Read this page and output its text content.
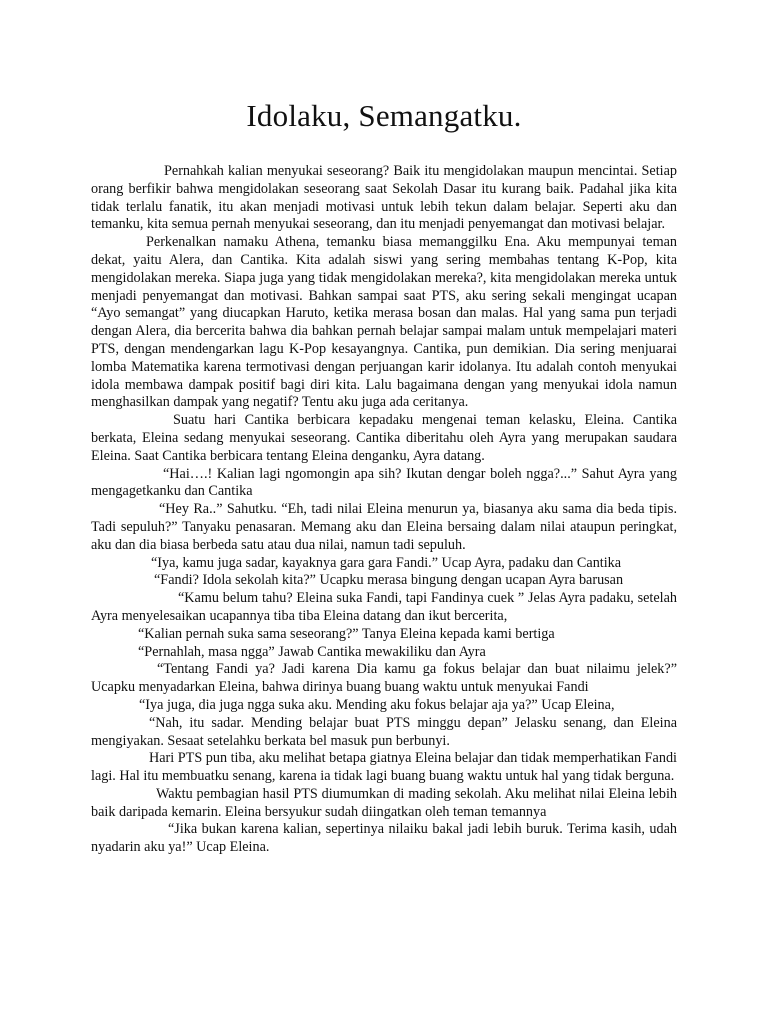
Idolaku, Semangatku.

Pernahkah kalian menyukai seseorang? Baik itu mengidolakan maupun mencintai. Setiap orang berfikir bahwa mengidolakan seseorang saat Sekolah Dasar itu kurang baik. Padahal jika kita tidak terlalu fanatik, itu akan menjadi motivasi untuk lebih tekun dalam belajar. Seperti aku dan temanku, kita semua pernah menyukai seseorang, dan itu menjadi penyemangat dan motivasi belajar.

Perkenalkan namaku Athena, temanku biasa memanggilku Ena. Aku mempunyai teman dekat, yaitu Alera, dan Cantika. Kita adalah siswi yang sering membahas tentang K-Pop, kita mengidolakan mereka. Siapa juga yang tidak mengidolakan mereka?, kita mengidolakan mereka untuk menjadi penyemangat dan motivasi. Bahkan sampai saat PTS, aku sering sekali mengingat ucapan “Ayo semangat” yang diucapkan Haruto, ketika merasa bosan dan malas. Hal yang sama pun terjadi dengan Alera, dia bercerita bahwa dia bahkan pernah belajar sampai malam untuk mempelajari materi PTS, dengan mendengarkan lagu K-Pop kesayangnya. Cantika, pun demikian. Dia sering menjuarai lomba Matematika karena termotivasi dengan perjuangan karir idolanya. Itu adalah contoh menyukai idola membawa dampak positif bagi diri kita. Lalu bagaimana dengan yang menyukai idola namun menghasilkan dampak yang negatif? Tentu aku juga ada ceritanya.

Suatu hari Cantika berbicara kepadaku mengenai teman kelasku, Eleina. Cantika berkata, Eleina sedang menyukai seseorang. Cantika diberitahu oleh Ayra yang merupakan saudara Eleina. Saat Cantika berbicara tentang Eleina denganku, Ayra datang.

“Hai….! Kalian lagi ngomongin apa sih? Ikutan dengar boleh ngga?...” Sahut Ayra yang mengagetkanku dan Cantika

“Hey Ra..” Sahutku. “Eh, tadi nilai Eleina menurun ya, biasanya aku sama dia beda tipis. Tadi sepuluh?” Tanyaku penasaran. Memang aku dan Eleina bersaing dalam nilai ataupun peringkat, aku dan dia biasa berbeda satu atau dua nilai, namun tadi sepuluh.

“Iya, kamu juga sadar, kayaknya gara gara Fandi.” Ucap Ayra, padaku dan Cantika

“Fandi? Idola sekolah kita?” Ucapku merasa bingung dengan ucapan Ayra barusan

“Kamu belum tahu? Eleina suka Fandi, tapi Fandinya cuek ” Jelas Ayra padaku, setelah Ayra menyelesaikan ucapannya tiba tiba Eleina datang dan ikut bercerita,

“Kalian pernah suka sama seseorang?” Tanya Eleina kepada kami bertiga

“Pernahlah, masa ngga” Jawab Cantika mewakiliku dan Ayra

“Tentang Fandi ya? Jadi karena Dia kamu ga fokus belajar dan buat nilaimu jelek?” Ucapku menyadarkan Eleina, bahwa dirinya buang buang waktu untuk menyukai Fandi

“Iya juga, dia juga ngga suka aku. Mending aku fokus belajar aja ya?” Ucap Eleina,

“Nah, itu sadar. Mending belajar buat PTS minggu depan” Jelasku senang, dan Eleina mengiyakan. Sesaat setelahku berkata bel masuk pun berbunyi.

Hari PTS pun tiba, aku melihat betapa giatnya Eleina belajar dan tidak memperhatikan Fandi lagi. Hal itu membuatku senang, karena ia tidak lagi buang buang waktu untuk hal yang tidak berguna.

Waktu pembagian hasil PTS diumumkan di mading sekolah. Aku melihat nilai Eleina lebih baik daripada kemarin. Eleina bersyukur sudah diingatkan oleh teman temannya

“Jika bukan karena kalian, sepertinya nilaiku bakal jadi lebih buruk. Terima kasih, udah nyadarin aku ya!” Ucap Eleina.
